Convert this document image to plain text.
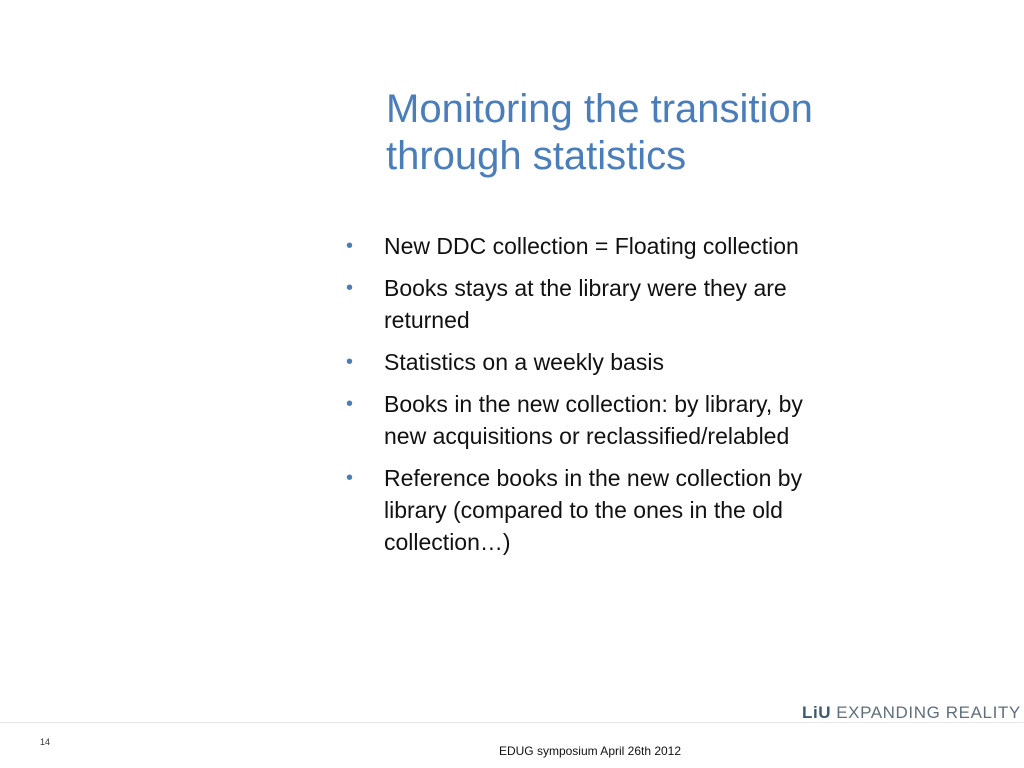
Monitoring the transition
through statistics
•	New DDC collection = Floating collection
•	Books stays at the library were they are
returned
•	Statistics on a weekly basis
•	Books in the new collection: by library, by
new acquisitions or reclassified/relabled
•	Reference books in the new collection by
library (compared to the ones in the old
collection…)
LiU EXPANDING REALITY
14
EDUG symposium April 26th 2012
